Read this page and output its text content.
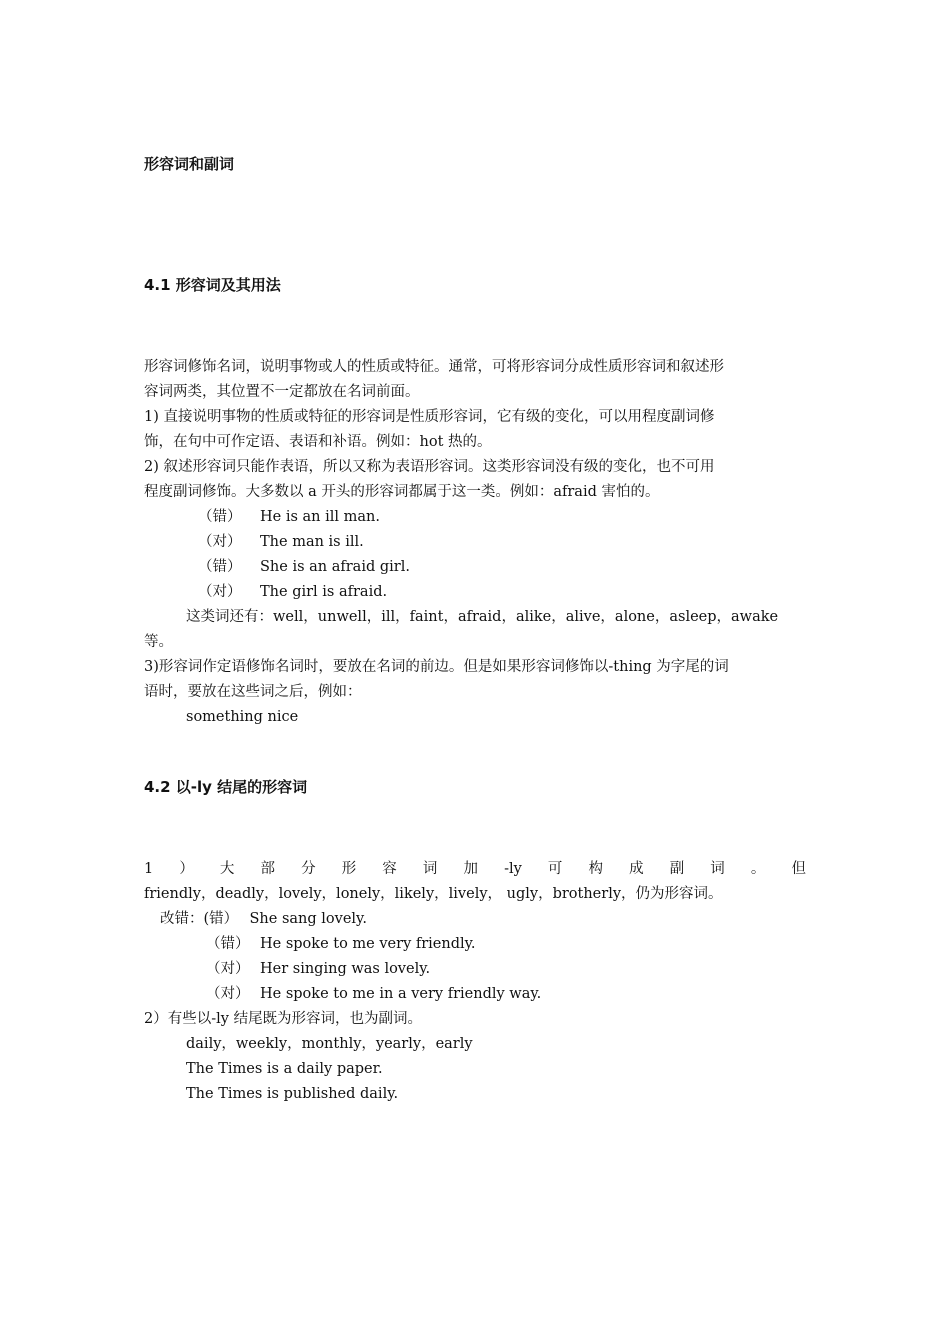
形容词和副词
4.1 形容词及其用法
形容词修饰名词，说明事物或人的性质或特征。通常，可将形容词分成性质形容词和叙述形
容词两类，其位置不一定都放在名词前面。
1) 直接说明事物的性质或特征的形容词是性质形容词，它有级的变化，可以用程度副词修
饰，在句中可作定语、表语和补语。例如：hot 热的。
2) 叙述形容词只能作表语，所以又称为表语形容词。这类形容词没有级的变化，也不可用
程度副词修饰。大多数以 a 开头的形容词都属于这一类。例如：afraid 害怕的。
（错） He is an ill man.
（对） The man is ill.
（错） She is an afraid girl.
（对） The girl is afraid.
这类词还有：well，unwell，ill，faint，afraid，alike，alive，alone，asleep，awake
等。
3)形容词作定语修饰名词时，要放在名词的前边。但是如果形容词修饰以-thing 为字尾的词
语时，要放在这些词之后，例如：
something nice
4.2 以-ly 结尾的形容词
1 ） 大 部 分 形 容 词 加 -ly 可 构 成 副 词 。 但
friendly，deadly，lovely，lonely，likely，lively， ugly，brotherly，仍为形容词。
改错：(错） She sang lovely.
（错） He spoke to me very friendly.
（对） Her singing was lovely.
（对） He spoke to me in a very friendly way.
2）有些以-ly 结尾既为形容词，也为副词。
daily，weekly，monthly，yearly，early
The Times is a daily paper.
The Times is published daily.
